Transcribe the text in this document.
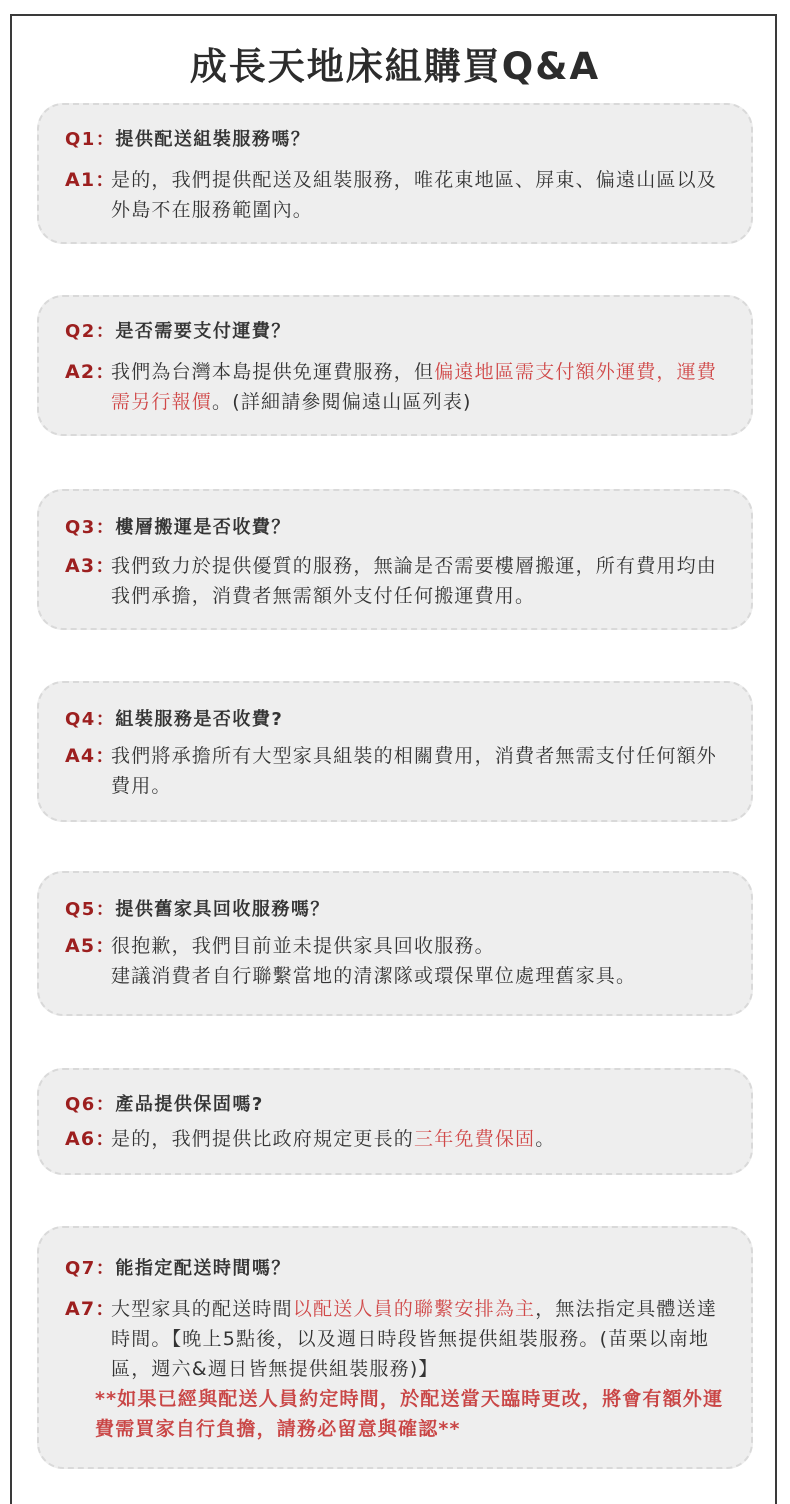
成長天地床組購買Q&A
Q1：提供配送組裝服務嗎？
A1：
是的，我們提供配送及組裝服務，唯花東地區、屏東、偏遠山區以及外島不在服務範圍內。
Q2：是否需要支付運費？
A2：
我們為台灣本島提供免運費服務，但偏遠地區需支付額外運費，運費需另行報價。(詳細請參閱偏遠山區列表)
Q3：樓層搬運是否收費？
A3：
我們致力於提供優質的服務，無論是否需要樓層搬運，所有費用均由我們承擔，消費者無需額外支付任何搬運費用。
Q4：組裝服務是否收費?
A4：
我們將承擔所有大型家具組裝的相關費用，消費者無需支付任何額外費用。
Q5：提供舊家具回收服務嗎？
A5：
很抱歉，我們目前並未提供家具回收服務。
建議消費者自行聯繫當地的清潔隊或環保單位處理舊家具。
Q6：產品提供保固嗎?
A6：
是的，我們提供比政府規定更長的三年免費保固。
Q7：能指定配送時間嗎？
A7：
大型家具的配送時間以配送人員的聯繫安排為主，無法指定具體送達時間。【晚上5點後，以及週日時段皆無提供組裝服務。(苗栗以南地區，週六&週日皆無提供組裝服務)】
**如果已經與配送人員約定時間，於配送當天臨時更改，將會有額外運費需買家自行負擔，請務必留意與確認**
